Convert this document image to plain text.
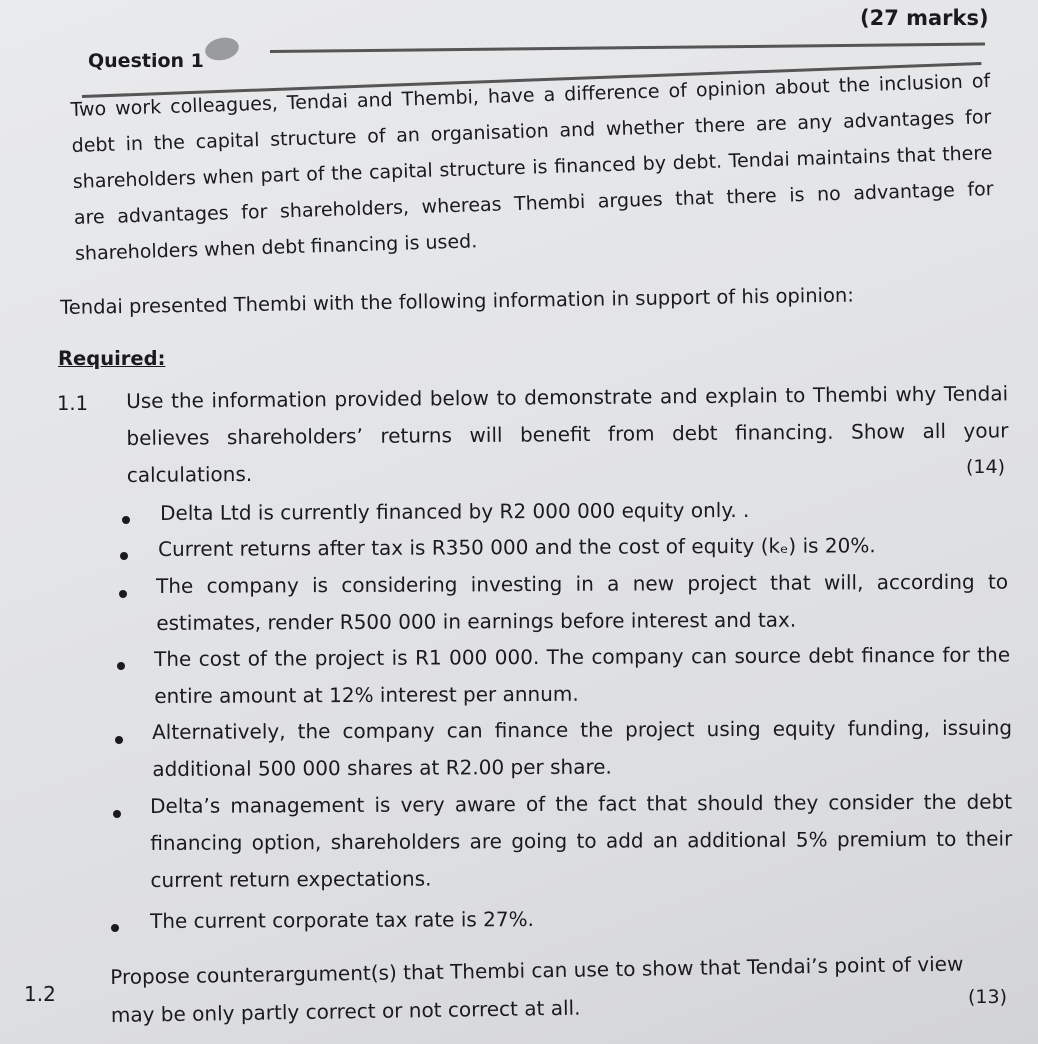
(27 marks)
Question 1
Two work colleagues, Tendai and Thembi, have a difference of opinion about the inclusion of debt in the capital structure of an organisation and whether there are any advantages for shareholders when part of the capital structure is financed by debt. Tendai maintains that there are advantages for shareholders, whereas Thembi argues that there is no advantage for shareholders when debt financing is used.
Tendai presented Thembi with the following information in support of his opinion:
Required:
1.1 Use the information provided below to demonstrate and explain to Thembi why Tendai believes shareholders’ returns will benefit from debt financing. Show all your calculations.	(14)
Delta Ltd is currently financed by R2 000 000 equity only. .
Current returns after tax is R350 000 and the cost of equity (kₑ) is 20%.
The company is considering investing in a new project that will, according to estimates, render R500 000 in earnings before interest and tax.
The cost of the project is R1 000 000. The company can source debt finance for the entire amount at 12% interest per annum.
Alternatively, the company can finance the project using equity funding, issuing additional 500 000 shares at R2.00 per share.
Delta’s management is very aware of the fact that should they consider the debt financing option, shareholders are going to add an additional 5% premium to their current return expectations.
The current corporate tax rate is 27%.
1.2
Propose counterargument(s) that Thembi can use to show that Tendai’s point of view may be only partly correct or not correct at all.	(13)
